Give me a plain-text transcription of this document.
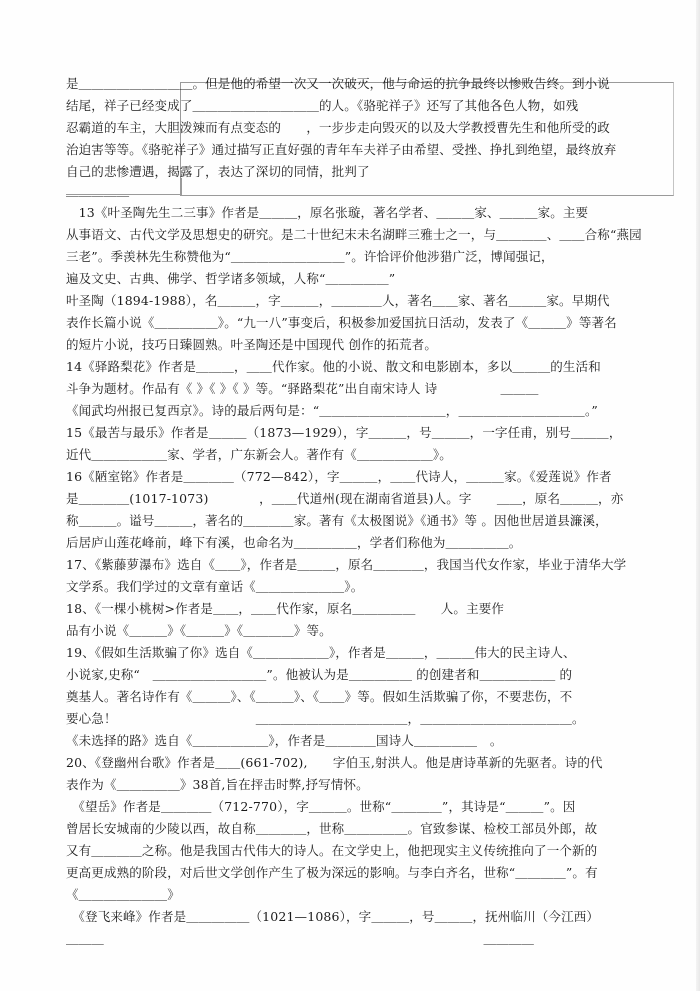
是＿＿＿＿＿＿＿＿＿。但是他的希望一次又一次破灭，他与命运的抗争最终以惨败告终。到小说
结尾，祥子已经变成了＿＿＿＿＿＿＿＿＿＿的人。《骆驼祥子》还写了其他各色人物，如残
忍霸道的车主，大胆泼辣而有点变态的　　，一步步走向毁灭的以及大学教授曹先生和他所受的政
治迫害等等。《骆驼祥子》通过描写正直好强的青年车夫祥子由希望、受挫、挣扎到绝望，最终放弃
自己的悲惨遭遇，揭露了，表达了深切的同情，批判了
＿＿＿＿＿
　13《叶圣陶先生二三事》作者是＿＿＿，原名张璇，著名学者、＿＿＿家、＿＿＿家。主要
从事语文、古代文学及思想史的研究。是二十世纪末未名湖畔三雅士之一，与＿＿＿＿、＿＿合称“燕园
三老”。季羡林先生称赞他为“＿＿＿＿＿＿＿＿＿”。许恰评价他涉猎广泛，博闻强记，
遍及文史、古典、佛学、哲学诸多领域，人称“＿＿＿＿＿”
叶圣陶（1894-1988），名＿＿＿，字＿＿＿，＿＿＿＿人，著名＿＿家、著名＿＿＿家。早期代
表作长篇小说《＿＿＿＿＿》。“九一八”事变后，积极参加爱国抗日活动，发表了《＿＿＿》等著名
的短片小说，技巧日臻圆熟。叶圣陶还是中国现代 创作的拓荒者。
14《驿路梨花》作者是＿＿＿，＿＿代作家。他的小说、散文和电影剧本，多以＿＿＿的生活和
斗争为题材。作品有《 》《 》《 》等。“驿路梨花”出自南宋诗人 诗　　　　　＿＿＿
《闻武均州报已复西京》。诗的最后两句是：“＿＿＿＿＿＿＿＿＿＿，＿＿＿＿＿＿＿＿＿＿。”
15《最苦与最乐》作者是＿＿＿（1873—1929），字＿＿＿，号＿＿＿，一字任甫，别号＿＿＿，
近代＿＿＿＿＿＿家、学者，广东新会人。著作有《＿＿＿＿＿＿》。
16《陋室铭》作者是＿＿＿＿（772—842），字＿＿＿，＿＿代诗人，＿＿＿家。《爱莲说》作者
是＿＿＿＿(1017-1073)　　　　，＿＿代道州(现在湖南省道县)人。字　　＿＿，原名＿＿＿，亦
称＿＿＿。谥号＿＿＿，著名的＿＿＿＿家。著有《太极图说》《通书》等 。因他世居道县濂溪，
后居庐山莲花峰前，峰下有溪，也命名为＿＿＿＿＿，学者们称他为＿＿＿＿＿。
17、《紫藤萝瀑布》选自《＿＿》，作者是＿＿＿，原名＿＿＿＿，我国当代女作家，毕业于清华大学
文学系。我们学过的文章有童话《＿＿＿＿＿＿＿》。
18、《一棵小桃树>作者是＿＿，＿＿代作家，原名＿＿＿＿＿　　人。主要作
品有小说《＿＿＿》《＿＿＿》《＿＿＿＿》等。
19、《假如生活欺骗了你》选自《＿＿＿＿＿＿》，作者是＿＿＿，＿＿＿伟大的民主诗人、
小说家,史称“　＿＿＿＿＿＿＿＿＿”。他被认为是＿＿＿＿＿ 的创建者和＿＿＿＿＿＿ 的
奠基人。著名诗作有《＿＿＿》、《＿＿＿》、《＿＿》等。假如生活欺骗了你，不要悲伤，不
要心急！　　　　　　　　　　　＿＿＿＿＿＿＿＿＿＿＿＿，＿＿＿＿＿＿＿＿＿＿＿＿。
《未选择的路》选自《＿＿＿＿＿＿》，作者是＿＿＿＿国诗人＿＿＿＿＿　。
20、《登幽州台歌》作者是＿＿(661-702),　　字伯玉,射洪人。他是唐诗革新的先驱者。诗的代
表作为《＿＿＿＿＿》38首,旨在抨击时弊,抒写情怀。
　《望岳》作者是＿＿＿＿（712-770），字＿＿＿。世称“＿＿＿＿”，其诗是“＿＿＿”。因
曾居长安城南的少陵以西，故自称＿＿＿＿，世称＿＿＿＿＿。官致参谋、检校工部员外郎，故
又有＿＿＿＿之称。他是我国古代伟大的诗人。在文学史上，他把现实主义传统推向了一个新的
更高更成熟的阶段，对后世文学创作产生了极为深远的影响。与李白齐名，世称“＿＿＿＿”。有
《＿＿＿＿＿＿＿》
　《登飞来峰》作者是＿＿＿＿＿（1021—1086），字＿＿＿，号＿＿＿，抚州临川（今江西）
＿＿＿　　　　　　　　　　　　　　　　　　　　　　　　　　　　　　＿＿＿＿
